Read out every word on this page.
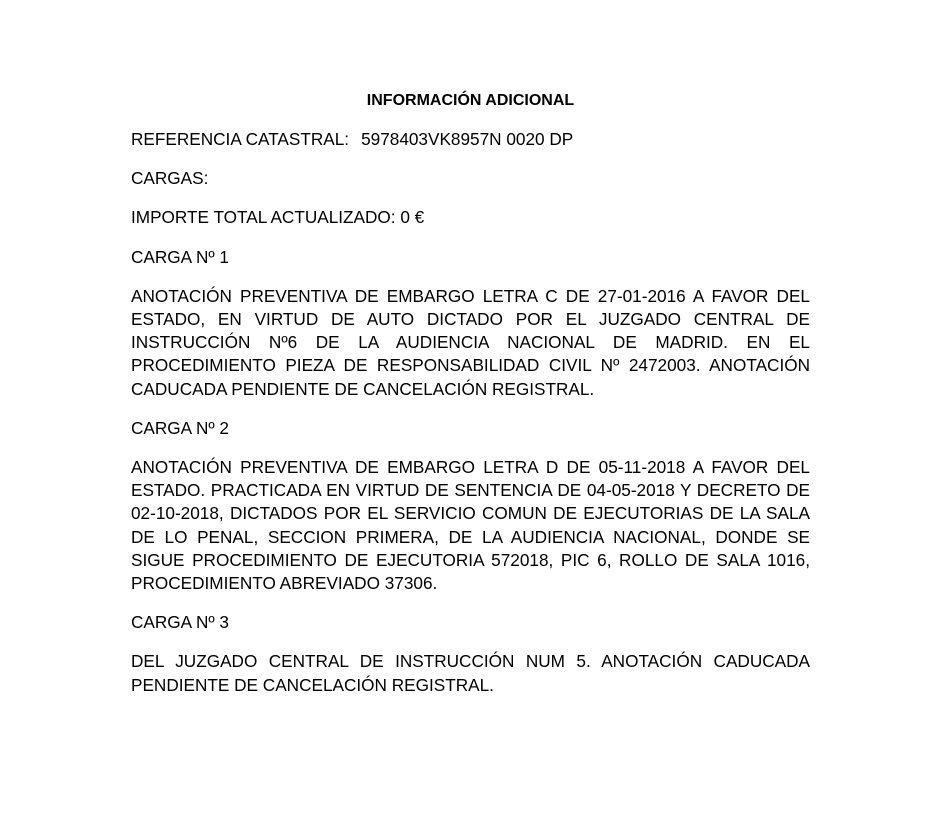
INFORMACIÓN ADICIONAL
REFERENCIA CATASTRAL: 5978403VK8957N 0020 DP
CARGAS:
IMPORTE TOTAL ACTUALIZADO: 0 €
CARGA Nº 1
ANOTACIÓN PREVENTIVA DE EMBARGO LETRA C DE 27-01-2016 A FAVOR DEL ESTADO, EN VIRTUD DE AUTO DICTADO POR EL JUZGADO CENTRAL DE INSTRUCCIÓN Nº6 DE LA AUDIENCIA NACIONAL DE MADRID. EN EL PROCEDIMIENTO PIEZA DE RESPONSABILIDAD CIVIL Nº 2472003. ANOTACIÓN CADUCADA PENDIENTE DE CANCELACIÓN REGISTRAL.
CARGA Nº 2
ANOTACIÓN PREVENTIVA DE EMBARGO LETRA D DE 05-11-2018 A FAVOR DEL ESTADO. PRACTICADA EN VIRTUD DE SENTENCIA DE 04-05-2018 Y DECRETO DE 02-10-2018, DICTADOS POR EL SERVICIO COMUN DE EJECUTORIAS DE LA SALA DE LO PENAL, SECCION PRIMERA, DE LA AUDIENCIA NACIONAL, DONDE SE SIGUE PROCEDIMIENTO DE EJECUTORIA 572018, PIC 6, ROLLO DE SALA 1016, PROCEDIMIENTO ABREVIADO 37306.
CARGA Nº 3
DEL JUZGADO CENTRAL DE INSTRUCCIÓN NUM 5. ANOTACIÓN CADUCADA PENDIENTE DE CANCELACIÓN REGISTRAL.
